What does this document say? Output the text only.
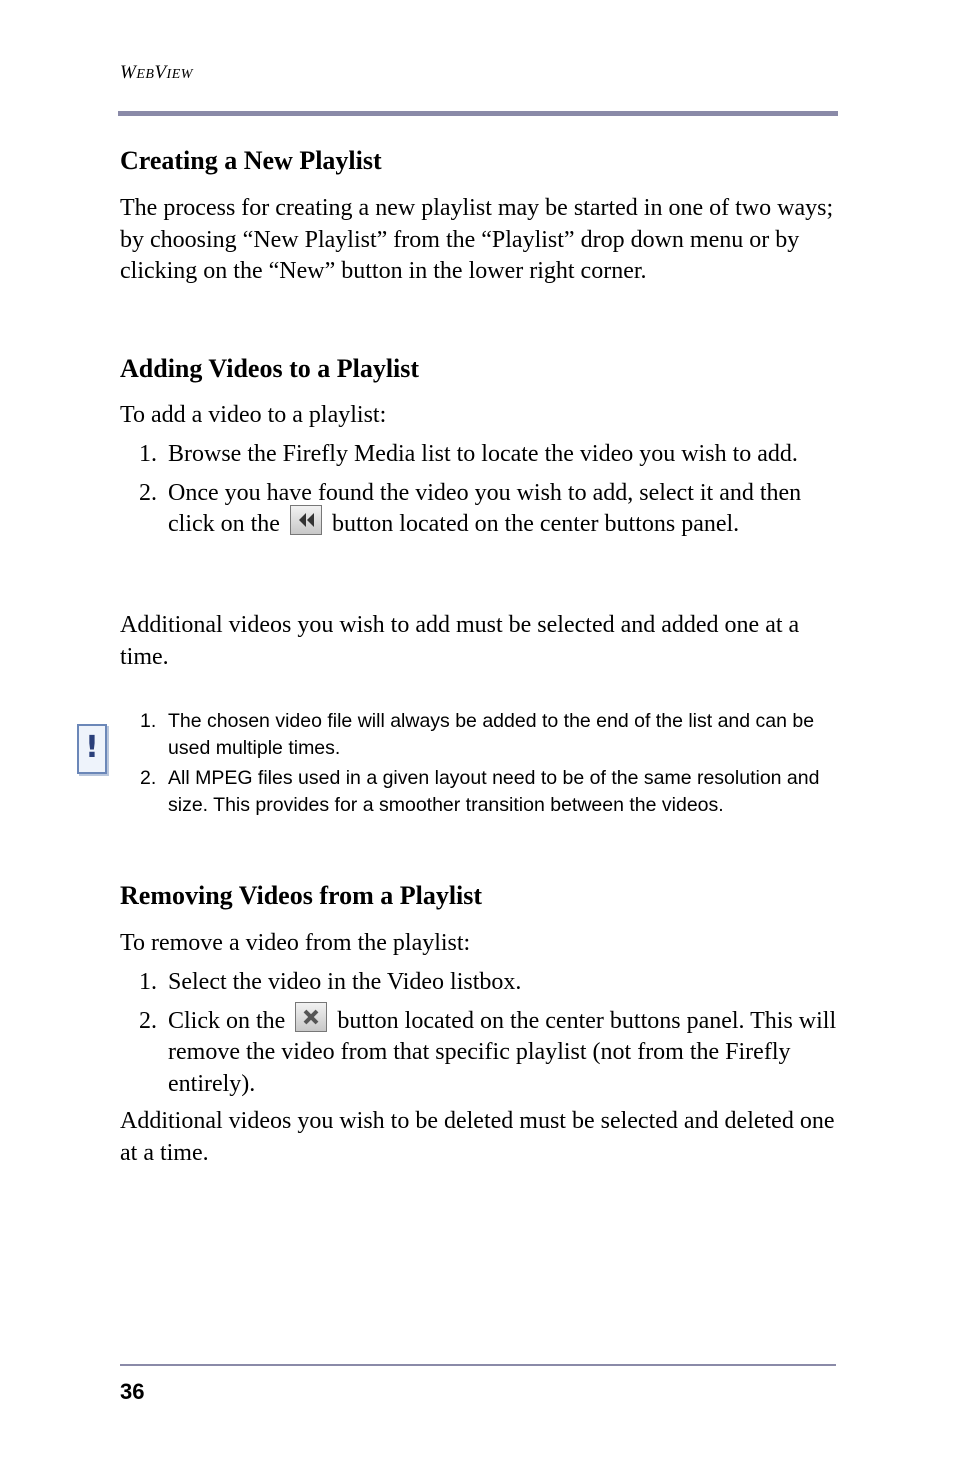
WEBVIEW
Creating a New Playlist

The process for creating a new playlist may be started in one of two ways; by choosing “New Playlist” from the “Playlist” drop down menu or by clicking on the “New” button in the lower right corner.

Adding Videos to a Playlist

To add a video to a playlist:

1. Browse the Firefly Media list to locate the video you wish to add.
2. Once you have found the video you wish to add, select it and then click on the button located on the center buttons panel.

Additional videos you wish to add must be selected and added one at a time.

!
1. The chosen video file will always be added to the end of the list and can be used multiple times.
2. All MPEG files used in a given layout need to be of the same resolution and size. This provides for a smoother transition between the videos.
Removing Videos from a Playlist

To remove a video from the playlist:

1. Select the video in the Video listbox.
2. Click on the button located on the center buttons panel. This will remove the video from that specific playlist (not from the Firefly entirely).

Additional videos you wish to be deleted must be selected and deleted one at a time.

36
